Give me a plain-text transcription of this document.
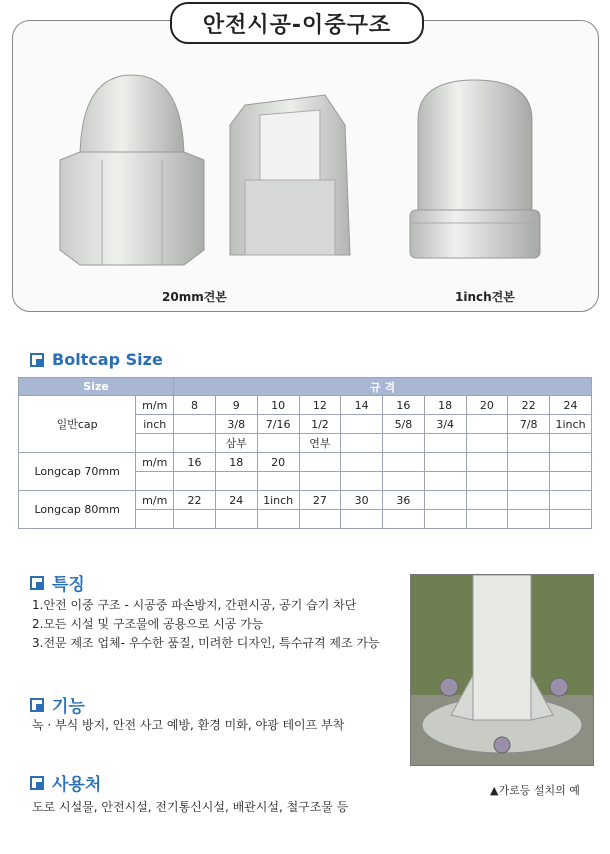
안전시공-이중구조
20mm견본	1inch견본
Boltcap Size
Size		규 격									
일반cap	m/m	8	9	10	12	14	16	18	20	22	24
	inch		3/8	7/16	1/2		5/8	3/4		7/8	1inch
			삼부		연부						
Longcap 70mm	m/m	16	18	20							

Longcap 80mm	m/m	22	24	1inch	27	30	36				

특징
1.안전 이중 구조 - 시공중 파손방지, 간편시공, 공기 습기 차단
2.모든 시설 및 구조물에 공용으로 시공 가능
3.전문 제조 업체- 우수한 품질, 미려한 디자인, 특수규격 제조 가능
기능
녹 · 부식 방지, 안전 사고 예방, 환경 미화, 야광 테이프 부착
사용처
도로 시설물, 안전시설, 전기통신시설, 배관시설, 철구조물 등
▲가로등 설치의 예
